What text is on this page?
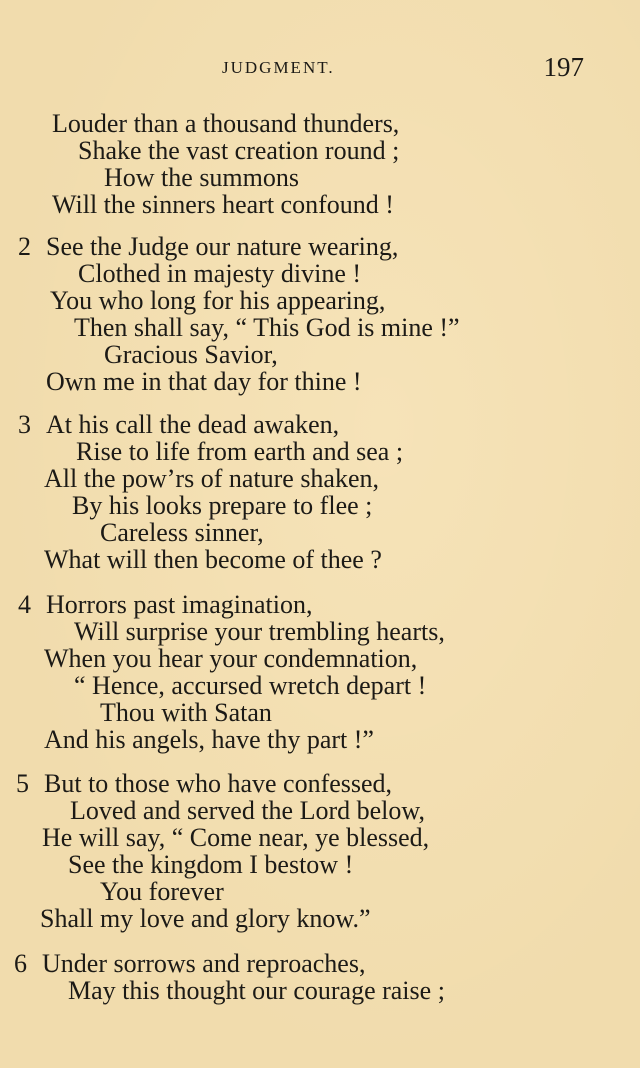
JUDGMENT.	197
Louder than a thousand thunders,
Shake the vast creation round ;
How the summons
Will the sinners heart confound !
2 See the Judge our nature wearing,
Clothed in majesty divine !
You who long for his appearing,
Then shall say, “ This God is mine !”
Gracious Savior,
Own me in that day for thine !
3 At his call the dead awaken,
Rise to life from earth and sea ;
All the pow’rs of nature shaken,
By his looks prepare to flee ;
Careless sinner,
What will then become of thee ?
4 Horrors past imagination,
Will surprise your trembling hearts,
When you hear your condemnation,
“ Hence, accursed wretch depart !
Thou with Satan
And his angels, have thy part !”
5 But to those who have confessed,
Loved and served the Lord below,
He will say, “ Come near, ye blessed,
See the kingdom I bestow !
You forever
Shall my love and glory know.”
6 Under sorrows and reproaches,
May this thought our courage raise ;
